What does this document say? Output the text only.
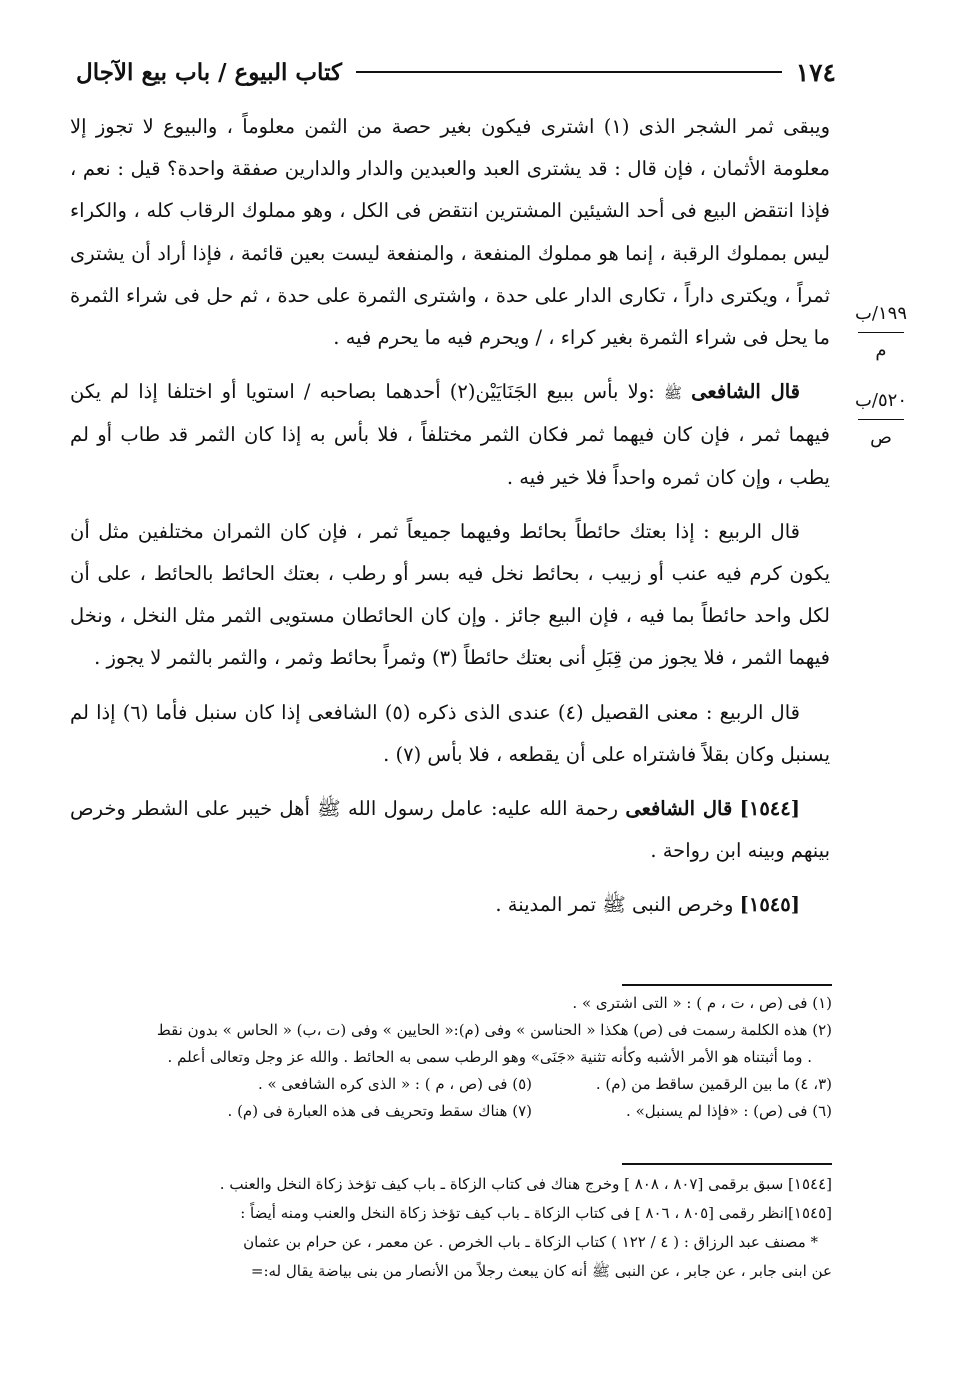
١٧٤
كتاب البيوع / باب بيع الآجال
١٩٩/ب
م
٥٢٠/ب
ص

ويبقى ثمر الشجر الذى (١) اشترى فيكون بغير حصة من الثمن معلوماً ، والبيوع لا تجوز إلا معلومة الأثمان ، فإن قال : قد يشترى العبد والعبدين والدار والدارين صفقة واحدة؟ قيل : نعم ، فإذا انتقض البيع فى أحد الشيئين المشترين انتقض فى الكل ، وهو مملوك الرقاب كله ، والكراء ليس بمملوك الرقبة ، إنما هو مملوك المنفعة ، والمنفعة ليست بعين قائمة ، فإذا أراد أن يشترى ثمراً ، ويكترى داراً ، تكارى الدار على حدة ، واشترى الثمرة على حدة ، ثم حل فى شراء الثمرة ما يحل فى شراء الثمرة بغير كراء ، / ويحرم فيه ما يحرم فيه .

قال الشافعى ﷺ :ولا بأس ببيع الجَنَايَيْن(٢) أحدهما بصاحبه / استويا أو اختلفا إذا لم يكن فيهما ثمر ، فإن كان فيهما ثمر فكان الثمر مختلفاً ، فلا بأس به إذا كان الثمر قد طاب أو لم يطب ، وإن كان ثمره واحداً فلا خير فيه .

قال الربيع : إذا بعتك حائطاً بحائط وفيهما جميعاً ثمر ، فإن كان الثمران مختلفين مثل أن يكون كرم فيه عنب أو زبيب ، بحائط نخل فيه بسر أو رطب ، بعتك الحائط بالحائط ، على أن لكل واحد حائطاً بما فيه ، فإن البيع جائز . وإن كان الحائطان مستويى الثمر مثل النخل ، ونخل فيهما الثمر ، فلا يجوز من قِبَلِ أنى بعتك حائطاً (٣) وثمراً بحائط وثمر ، والثمر بالثمر لا يجوز .

قال الربيع : معنى القصيل (٤) عندى الذى ذكره (٥) الشافعى إذا كان سنبل فأما (٦) إذا لم يسنبل وكان بقلاً فاشتراه على أن يقطعه ، فلا بأس (٧) .

[١٥٤٤] قال الشافعى رحمة الله عليه: عامل رسول الله ﷺ أهل خيبر على الشطر وخرص بينهم وبينه ابن رواحة .

[١٥٤٥] وخرص النبى ﷺ تمر المدينة .

(١) فى (ص ، ت ، م ) : « التى اشترى » .
(٢) هذه الكلمة رسمت فى (ص) هكذا « الحناسن » وفى (م):« الحايين » وفى (ت ،ب) « الحاس » بدون نقط
. وما أثبتناه هو الأمر الأشبه وكأنه تثنية «جَنَى» وهو الرطب سمى به الحائط . والله عز وجل وتعالى أعلم .
(٣، ٤) ما بين الرقمين ساقط من (م) .
(٥) فى (ص ، م ) : « الذى كره الشافعى » .
(٦) فى (ص) : «فإذا لم يسنبل» .
(٧) هناك سقط وتحريف فى هذه العبارة فى (م) .
[١٥٤٤] سبق برقمى [٨٠٧ ، ٨٠٨ ] وخرج هناك فى كتاب الزكاة ـ باب كيف تؤخذ زكاة النخل والعنب .
[١٥٤٥]انظر رقمى [٨٠٥ ، ٨٠٦ ] فى كتاب الزكاة ـ باب كيف تؤخذ زكاة النخل والعنب ومنه أيضاً :
* مصنف عبد الرزاق : ( ٤ / ١٢٢ ) كتاب الزكاة ـ باب الخرص . عن معمر ، عن حرام بن عثمان
عن ابنى جابر ، عن جابر ، عن النبى ﷺ أنه كان يبعث رجلاً من الأنصار من بنى بياضة يقال له:=
